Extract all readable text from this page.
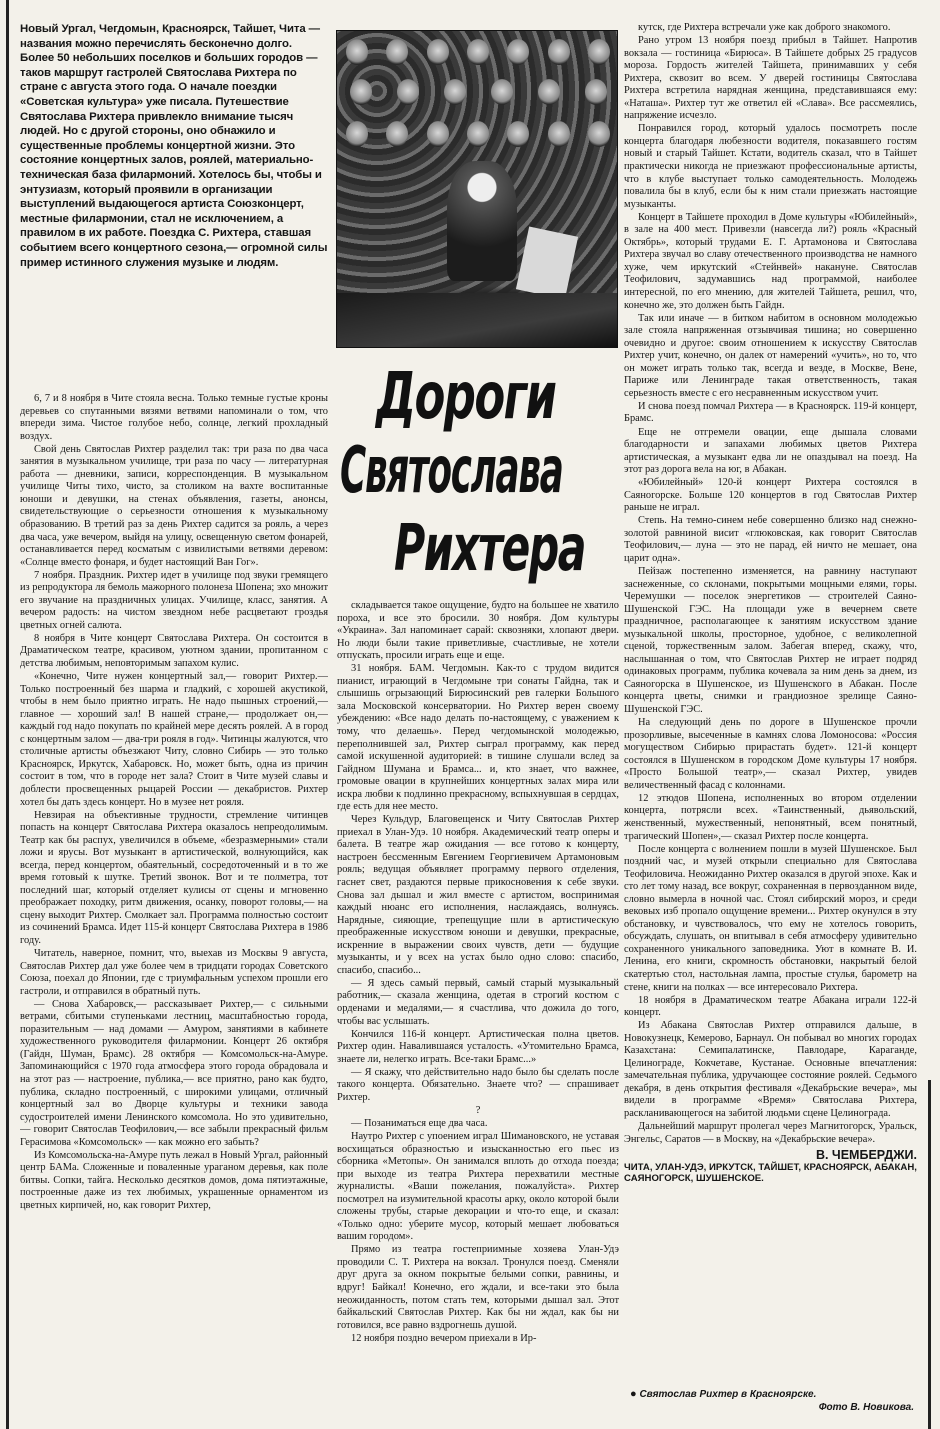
Новый Ургал, Чегдомын, Красноярск, Тайшет, Чита — названия можно перечислять бесконечно долго. Более 50 небольших поселков и больших городов — таков маршрут гастролей Святослава Рихтера по стране с августа этого года. О начале поездки «Советская культура» уже писала. Путешествие Святослава Рихтера привлекло внимание тысяч людей. Но с другой стороны, оно обнажило и существенные проблемы концертной жизни. Это состояние концертных залов, роялей, материально-техническая база филармоний. Хотелось бы, чтобы и энтузиазм, который проявили в организации выступлений выдающегося артиста Союзконцерт, местные филармонии, стал не исключением, а правилом в их работе. Поездка С. Рихтера, ставшая событием всего концертного сезона,— огромной силы пример истинного служения музыке и людям.
Дороги
Святослава
Рихтера

6, 7 и 8 ноября в Чите стояла весна. Только темные густые кроны деревьев со спутанными вязями ветвями напоминали о том, что впереди зима. Чистое голубое небо, солнце, легкий прохладный воздух.

Свой день Святослав Рихтер разделил так: три раза по два часа занятия в музыкальном училище, три раза по часу — литературная работа — дневники, записи, корреспонденция. В музыкальном училище Читы тихо, чисто, за столиком на вахте воспитанные юноши и девушки, на стенах объявления, газеты, анонсы, свидетельствующие о серьезности отношения к музыкальному образованию. В третий раз за день Рихтер садится за рояль, а через два часа, уже вечером, выйдя на улицу, освещенную светом фонарей, останавливается перед косматым с извилистыми ветвями деревом: «Солнце вместо фонаря, и будет настоящий Ван Гог».

7 ноября. Праздник. Рихтер идет в училище под звуки гремящего из репродуктора ля бемоль мажорного полонеза Шопена; эхо множит его звучание на праздничных улицах. Училище, класс, занятия. А вечером радость: на чистом звездном небе расцветают гроздья цветных огней салюта.

8 ноября в Чите концерт Святослава Рихтера. Он состоится в Драматическом театре, красивом, уютном здании, пропитанном с детства любимым, неповторимым запахом кулис.

«Конечно, Чите нужен концертный зал,— говорит Рихтер.— Только построенный без шарма и гладкий, с хорошей акустикой, чтобы в нем было приятно играть. Не надо пышных строений,— главное — хороший зал! В нашей стране,— продолжает он,— каждый год надо покупать по крайней мере десять роялей. А в город с концертным залом — два-три рояля в год». Читинцы жалуются, что столичные артисты объезжают Читу, словно Сибирь — это только Красноярск, Иркутск, Хабаровск. Но, может быть, одна из причин состоит в том, что в городе нет зала? Стоит в Чите музей славы и доблести просвещенных рыцарей России — декабристов. Рихтер хотел бы дать здесь концерт. Но в музее нет рояля.

Невзирая на объективные трудности, стремление читинцев попасть на концерт Святослава Рихтера оказалось непреодолимым. Театр как бы распух, увеличился в объеме, «безразмерными» стали ложи и ярусы. Вот музыкант в артистической, волнующийся, как всегда, перед концертом, обаятельный, сосредоточенный и в то же время готовый к шутке. Третий звонок. Вот и те полметра, тот последний шаг, который отделяет кулисы от сцены и мгновенно преображает походку, ритм движения, осанку, поворот головы,— на сцену выходит Рихтер. Смолкает зал. Программа полностью состоит из сочинений Брамса. Идет 115-й концерт Святослава Рихтера в 1986 году.

Читатель, наверное, помнит, что, выехав из Москвы 9 августа, Святослав Рихтер дал уже более чем в тридцати городах Советского Союза, поехал до Японии, где с триумфальным успехом прошли его гастроли, и отправился в обратный путь.

— Снова Хабаровск,— рассказывает Рихтер,— с сильными ветрами, сбитыми ступеньками лестниц, масштабностью города, поразительным — над домами — Амуром, занятиями в кабинете художественного руководителя филармонии. Концерт 26 октября (Гайдн, Шуман, Брамс). 28 октября — Комсомольск-на-Амуре. Запоминающийся с 1970 года атмосфера этого города обрадовала и на этот раз — настроение, публика,— все приятно, рано как будто, публика, складно построенный, с широкими улицами, отличный концертный зал во Дворце культуры и техники завода судостроителей имени Ленинского комсомола. Но это удивительно,— говорит Святослав Теофилович,— все забыли прекрасный фильм Герасимова «Комсомольск» — как можно его забыть?

Из Комсомольска-на-Амуре путь лежал в Новый Ургал, районный центр БАМа. Сложенные и поваленные ураганом деревья, как поле битвы. Сопки, тайга. Несколько десятков домов, дома пятиэтажные, построенные даже из тех любимых, украшенные орнаментом из цветных кирпичей, но, как говорит Рихтер,

складывается такое ощущение, будто на большее не хватило пороха, и все это бросили. 30 ноября. Дом культуры «Украина». Зал напоминает сарай: сквозняки, хлопают двери. Но люди были такие приветливые, счастливые, не хотели отпускать, просили играть еще и еще.

31 ноября. БАМ. Чегдомын. Как-то с трудом видится пианист, играющий в Чегдомыне три сонаты Гайдна, так и слышишь огрызающий Бирюсинский рев галерки Большого зала Московской консерватории. Но Рихтер верен своему убеждению: «Все надо делать по-настоящему, с уважением к тому, что делаешь». Перед чегдомынской молодежью, переполнившей зал, Рихтер сыграл программу, как перед самой искушенной аудиторией: в тишине слушали вслед за Гайдном Шумана и Брамса... и, кто знает, что важнее, громовые овации в крупнейших концертных залах мира или искра любви к подлинно прекрасному, вспыхнувшая в сердцах, где есть для нее место.

Через Кульдур, Благовещенск и Читу Святослав Рихтер приехал в Улан-Удэ. 10 ноября. Академический театр оперы и балета. В театре жар ожидания — все готово к концерту, настроен бессменным Евгением Георгиевичем Артамоновым рояль; ведущая объявляет программу первого отделения, гаснет свет, раздаются первые прикосновения к себе звуки. Снова зал дышал и жил вместе с артистом, воспринимая каждый нюанс его исполнения, наслаждаясь, волнуясь. Нарядные, сияющие, трепещущие шли в артистическую преображенные искусством юноши и девушки, прекрасные, искренние в выражении своих чувств, дети — будущие музыканты, и у всех на устах было одно слово: спасибо, спасибо, спасибо...

— Я здесь самый первый, самый старый музыкальный работник,— сказала женщина, одетая в строгий костюм с орденами и медалями,— я счастлива, что дожила до того, чтобы вас услышать.

Кончился 116-й концерт. Артистическая полна цветов. Рихтер один. Навалившаяся усталость. «Утомительно Брамса, знаете ли, нелегко играть. Все-таки Брамс...»

— Я скажу, что действительно надо было бы сделать после такого концерта. Обязательно. Знаете что? — спрашивает Рихтер.

?

— Позаниматься еще два часа.

Наутро Рихтер с упоением играл Шимановского, не уставая восхищаться образностью и изысканностью его пьес из сборника «Метопы». Он занимался вплоть до отхода поезда; при выходе из театра Рихтера перехватили местные журналисты. «Ваши пожелания, пожалуйста». Рихтер посмотрел на изумительной красоты арку, около которой были сложены трубы, старые декорации и что-то еще, и сказал: «Только одно: уберите мусор, который мешает любоваться вашим городом».

Прямо из театра гостеприимные хозяева Улан-Удэ проводили С. Т. Рихтера на вокзал. Тронулся поезд. Сменяли друг друга за окном покрытые белыми сопки, равнины, и вдруг! Байкал! Конечно, его ждали, и все-таки это была неожиданность, потом стать тем, которыми дышал зал. Этот байкальский Святослав Рихтер. Как бы ни ждал, как бы ни готовился, все равно вздрогнешь душой.

12 ноября поздно вечером приехали в Ир-

кутск, где Рихтера встречали уже как доброго знакомого.

Рано утром 13 ноября поезд прибыл в Тайшет. Напротив вокзала — гостиница «Бирюса». В Тайшете добрых 25 градусов мороза. Гордость жителей Тайшета, принимавших у себя Рихтера, сквозит во всем. У дверей гостиницы Святослава Рихтера встретила нарядная женщина, представившаяся ему: «Наташа». Рихтер тут же ответил ей «Слава». Все рассмеялись, напряжение исчезло.

Понравился город, который удалось посмотреть после концерта благодаря любезности водителя, показавшего гостям новый и старый Тайшет. Кстати, водитель сказал, что в Тайшет практически никогда не приезжают профессиональные артисты, что в клубе выступает только самодеятельность. Молодежь повалила бы в клуб, если бы к ним стали приезжать настоящие музыканты.

Концерт в Тайшете проходил в Доме культуры «Юбилейный», в зале на 400 мест. Привезли (навсегда ли?) рояль «Красный Октябрь», который трудами Е. Г. Артамонова и Святослава Рихтера звучал во славу отечественного производства не намного хуже, чем иркутский «Стейнвей» накануне. Святослав Теофилович, задумавшись над программой, наиболее интересной, по его мнению, для жителей Тайшета, решил, что, конечно же, это должен быть Гайдн.

Так или иначе — в битком набитом в основном молодежью зале стояла напряженная отзывчивая тишина; но совершенно очевидно и другое: своим отношением к искусству Святослав Рихтер учит, конечно, он далек от намерений «учить», но то, что он может играть только так, всегда и везде, в Москве, Вене, Париже или Ленинграде такая ответственность, такая серьезность вместе с его несравненным искусством учит.

И снова поезд помчал Рихтера — в Красноярск. 119-й концерт, Брамс.

Еще не отгремели овации, еще дышала словами благодарности и запахами любимых цветов Рихтера артистическая, а музыкант едва ли не опаздывал на поезд. На этот раз дорога вела на юг, в Абакан.

«Юбилейный» 120-й концерт Рихтера состоялся в Саяногорске. Больше 120 концертов в год Святослав Рихтер раньше не играл.

Степь. На темно-синем небе совершенно близко над снежно-золотой равниной висит «глюковская, как говорит Святослав Теофилович,— луна — это не парад, ей ничто не мешает, она царит одна».

Пейзаж постепенно изменяется, на равнину наступают заснеженные, со склонами, покрытыми мощными елями, горы. Черемушки — поселок энергетиков — строителей Саяно-Шушенской ГЭС. На площади уже в вечернем свете праздничное, располагающее к занятиям искусством здание музыкальной школы, просторное, удобное, с великолепной сценой, торжественным залом. Забегая вперед, скажу, что, наслышанная о том, что Святослав Рихтер не играет подряд одинаковых программ, публика кочевала за ним день за днем, из Саяногорска в Шушенское, из Шушенского в Абакан. После концерта цветы, снимки и грандиозное зрелище Саяно-Шушенской ГЭС.

На следующий день по дороге в Шушенское прочли прозорливые, высеченные в камнях слова Ломоносова: «Россия могуществом Сибирью прирастать будет». 121-й концерт состоялся в Шушенском в городском Доме культуры 17 ноября. «Просто Большой театр»,— сказал Рихтер, увидев величественный фасад с колоннами.

12 этюдов Шопена, исполненных во втором отделении концерта, потрясли всех. «Таинственный, дьявольский, женственный, мужественный, непонятный, всем понятный, трагический Шопен»,— сказал Рихтер после концерта.

После концерта с волнением пошли в музей Шушенское. Был поздний час, и музей открыли специально для Святослава Теофиловича. Неожиданно Рихтер оказался в другой эпохе. Как и сто лет тому назад, все вокруг, сохраненная в первозданном виде, словно вымерла в ночной час. Стоял сибирский мороз, и среди вековых изб пропало ощущение времени... Рихтер окунулся в эту обстановку, и чувствовалось, что ему не хотелось говорить, обсуждать, слушать, он впитывал в себя атмосферу удивительно сохраненного уникального заповедника. Уют в комнате В. И. Ленина, его книги, скромность обстановки, накрытый белой скатертью стол, настольная лампа, простые стулья, барометр на стене, книги на полках — все интересовало Рихтера.

18 ноября в Драматическом театре Абакана играли 122-й концерт.

Из Абакана Святослав Рихтер отправился дальше, в Новокузнецк, Кемерово, Барнаул. Он побывал во многих городах Казахстана: Семипалатинске, Павлодаре, Караганде, Целинограде, Кокчетаве, Кустанае. Основные впечатления: замечательная публика, удручающее состояние роялей. Седьмого декабря, в день открытия фестиваля «Декабрьские вечера», мы видели в программе «Время» Святослава Рихтера, раскланивающегося на забитой людьми сцене Целинограда.

Дальнейший маршрут пролегал через Магнитогорск, Уральск, Энгельс, Саратов — в Москву, на «Декабрьские вечера».

В. ЧЕМБЕРДЖИ.

ЧИТА, УЛАН-УДЭ, ИРКУТСК, ТАЙШЕТ, КРАСНОЯРСК, АБАКАН, САЯНОГОРСК, ШУШЕНСКОЕ.

● Святослав Рихтер в Красноярске.
Фото В. Новикова.
